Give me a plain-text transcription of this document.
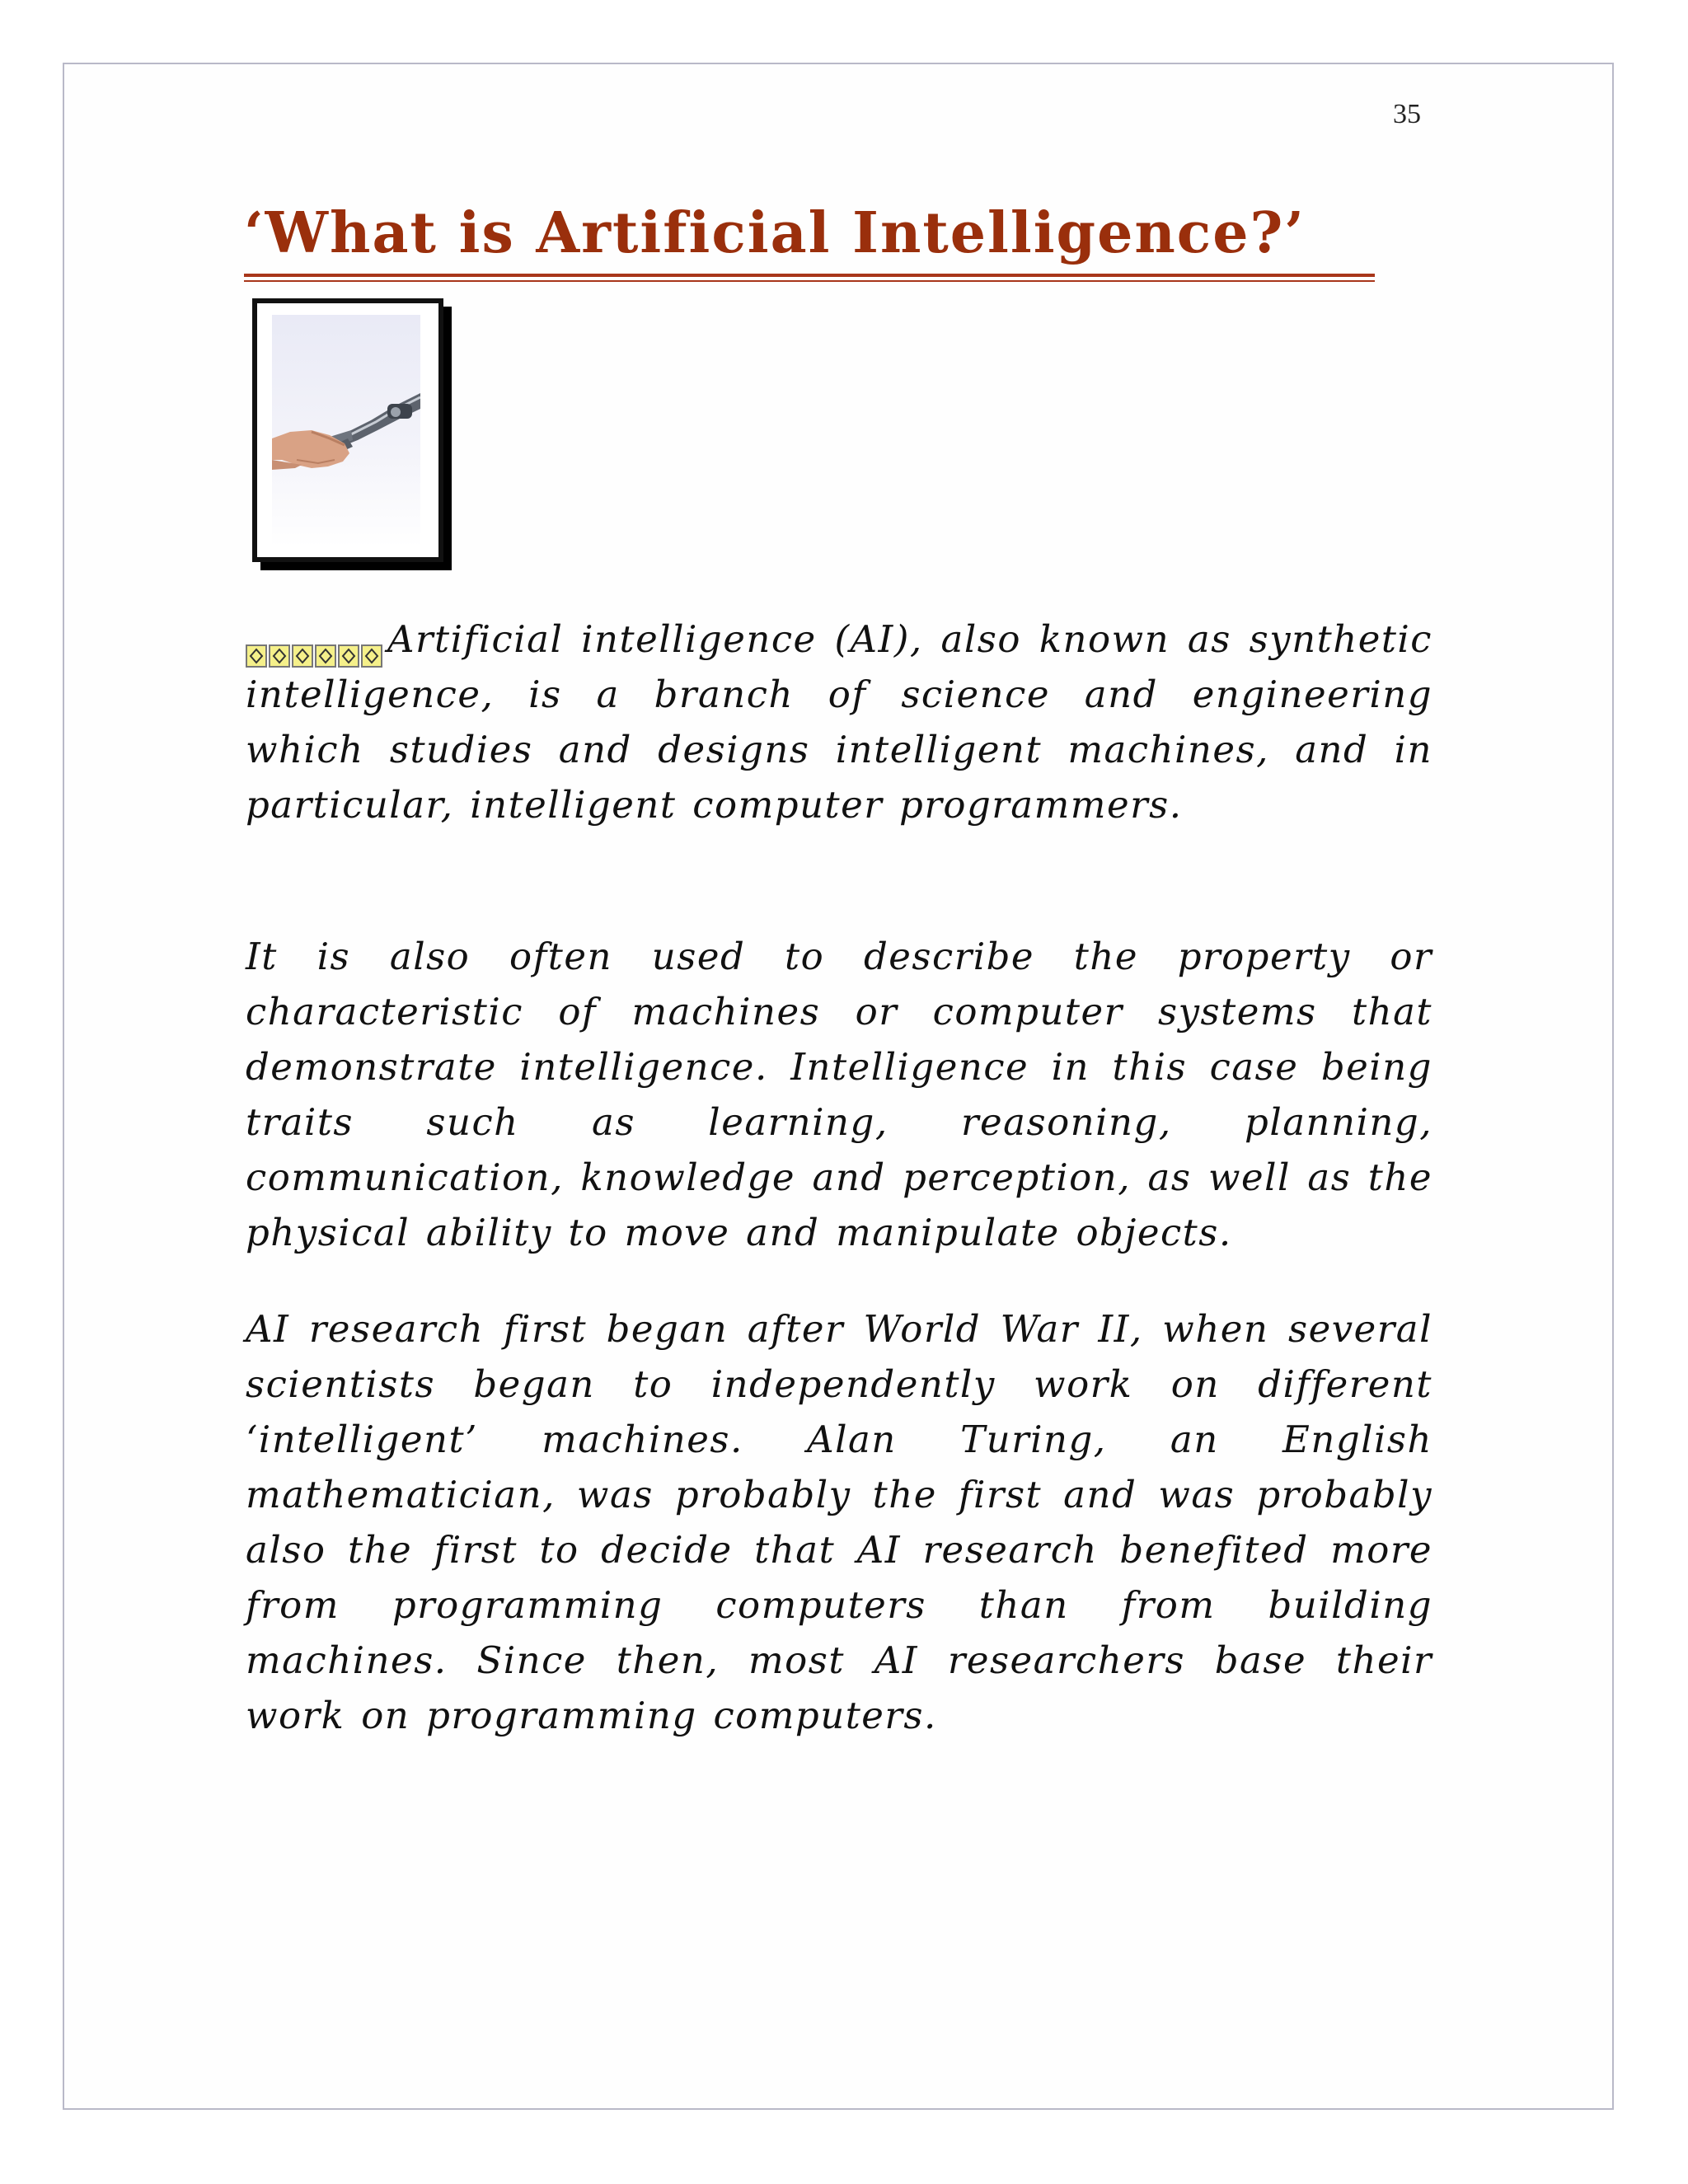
35
‘What is Artificial Intelligence?’
Artificial intelligence (AI), also known as synthetic intelligence, is a branch of science and engineering which studies and designs intelligent machines, and in particular, intelligent computer programmers.
It is also often used to describe the property or characteristic of machines or computer systems that demonstrate intelligence. Intelligence in this case being traits such as learning, reasoning, planning, communication, knowledge and perception, as well as the physical ability to move and manipulate objects.
AI research first began after World War II, when several scientists began to independently work on different ‘intelligent’ machines. Alan Turing, an English mathematician, was probably the first and was probably also the first to decide that AI research benefited more from programming computers than from building machines. Since then, most AI researchers base their work on programming computers.
